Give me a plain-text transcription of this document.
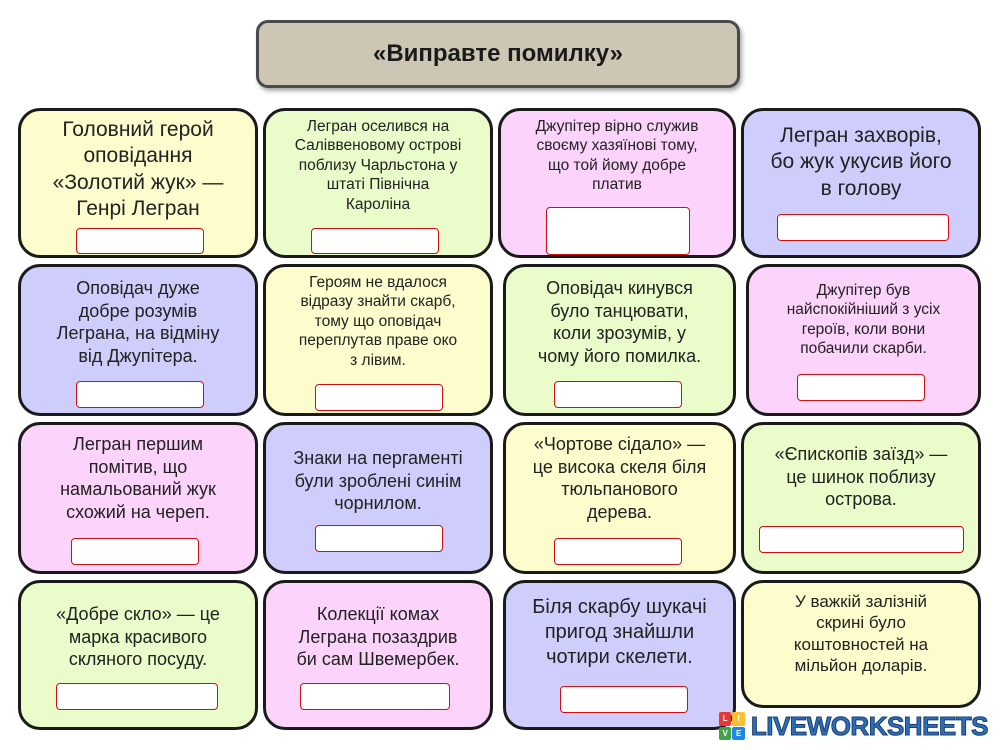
«Виправте помилку»
Головний герой
оповідання
«Золотий жук» —
Генрі Легран
Легран оселився на
Саліввеновому острові
поблизу Чарльстона у
штаті Північна
Кароліна
Джупітер вірно служив
своєму хазяїнові тому,
що той йому добре
платив
Легран захворів,
бо жук укусив його
в голову
Оповідач дуже
добре розумів
Леграна, на відміну
від Джупітера.
Героям не вдалося
відразу знайти скарб,
тому що оповідач
переплутав праве око
з лівим.
Оповідач кинувся
було танцювати,
коли зрозумів, у
чому його помилка.
Джупітер був
найспокійніший з усіх
героїв, коли вони
побачили скарби.
Легран першим
помітив, що
намальований жук
схожий на череп.
Знаки на пергаменті
були зроблені синім
чорнилом.
«Чортове сідало» —
це висока скеля біля
тюльпанового
дерева.
«Єпископів заїзд» —
це шинок поблизу
острова.
«Добре скло» — це
марка красивого
скляного посуду.
Колекції комах
Леграна позаздрив
би сам Швемербек.
Біля скарбу шукачі
пригод знайшли
чотири скелети.
У важкій залізній
скрині було
коштовностей на
мільйон доларів.
L	I
V	E LIVEWORKSHEETS
